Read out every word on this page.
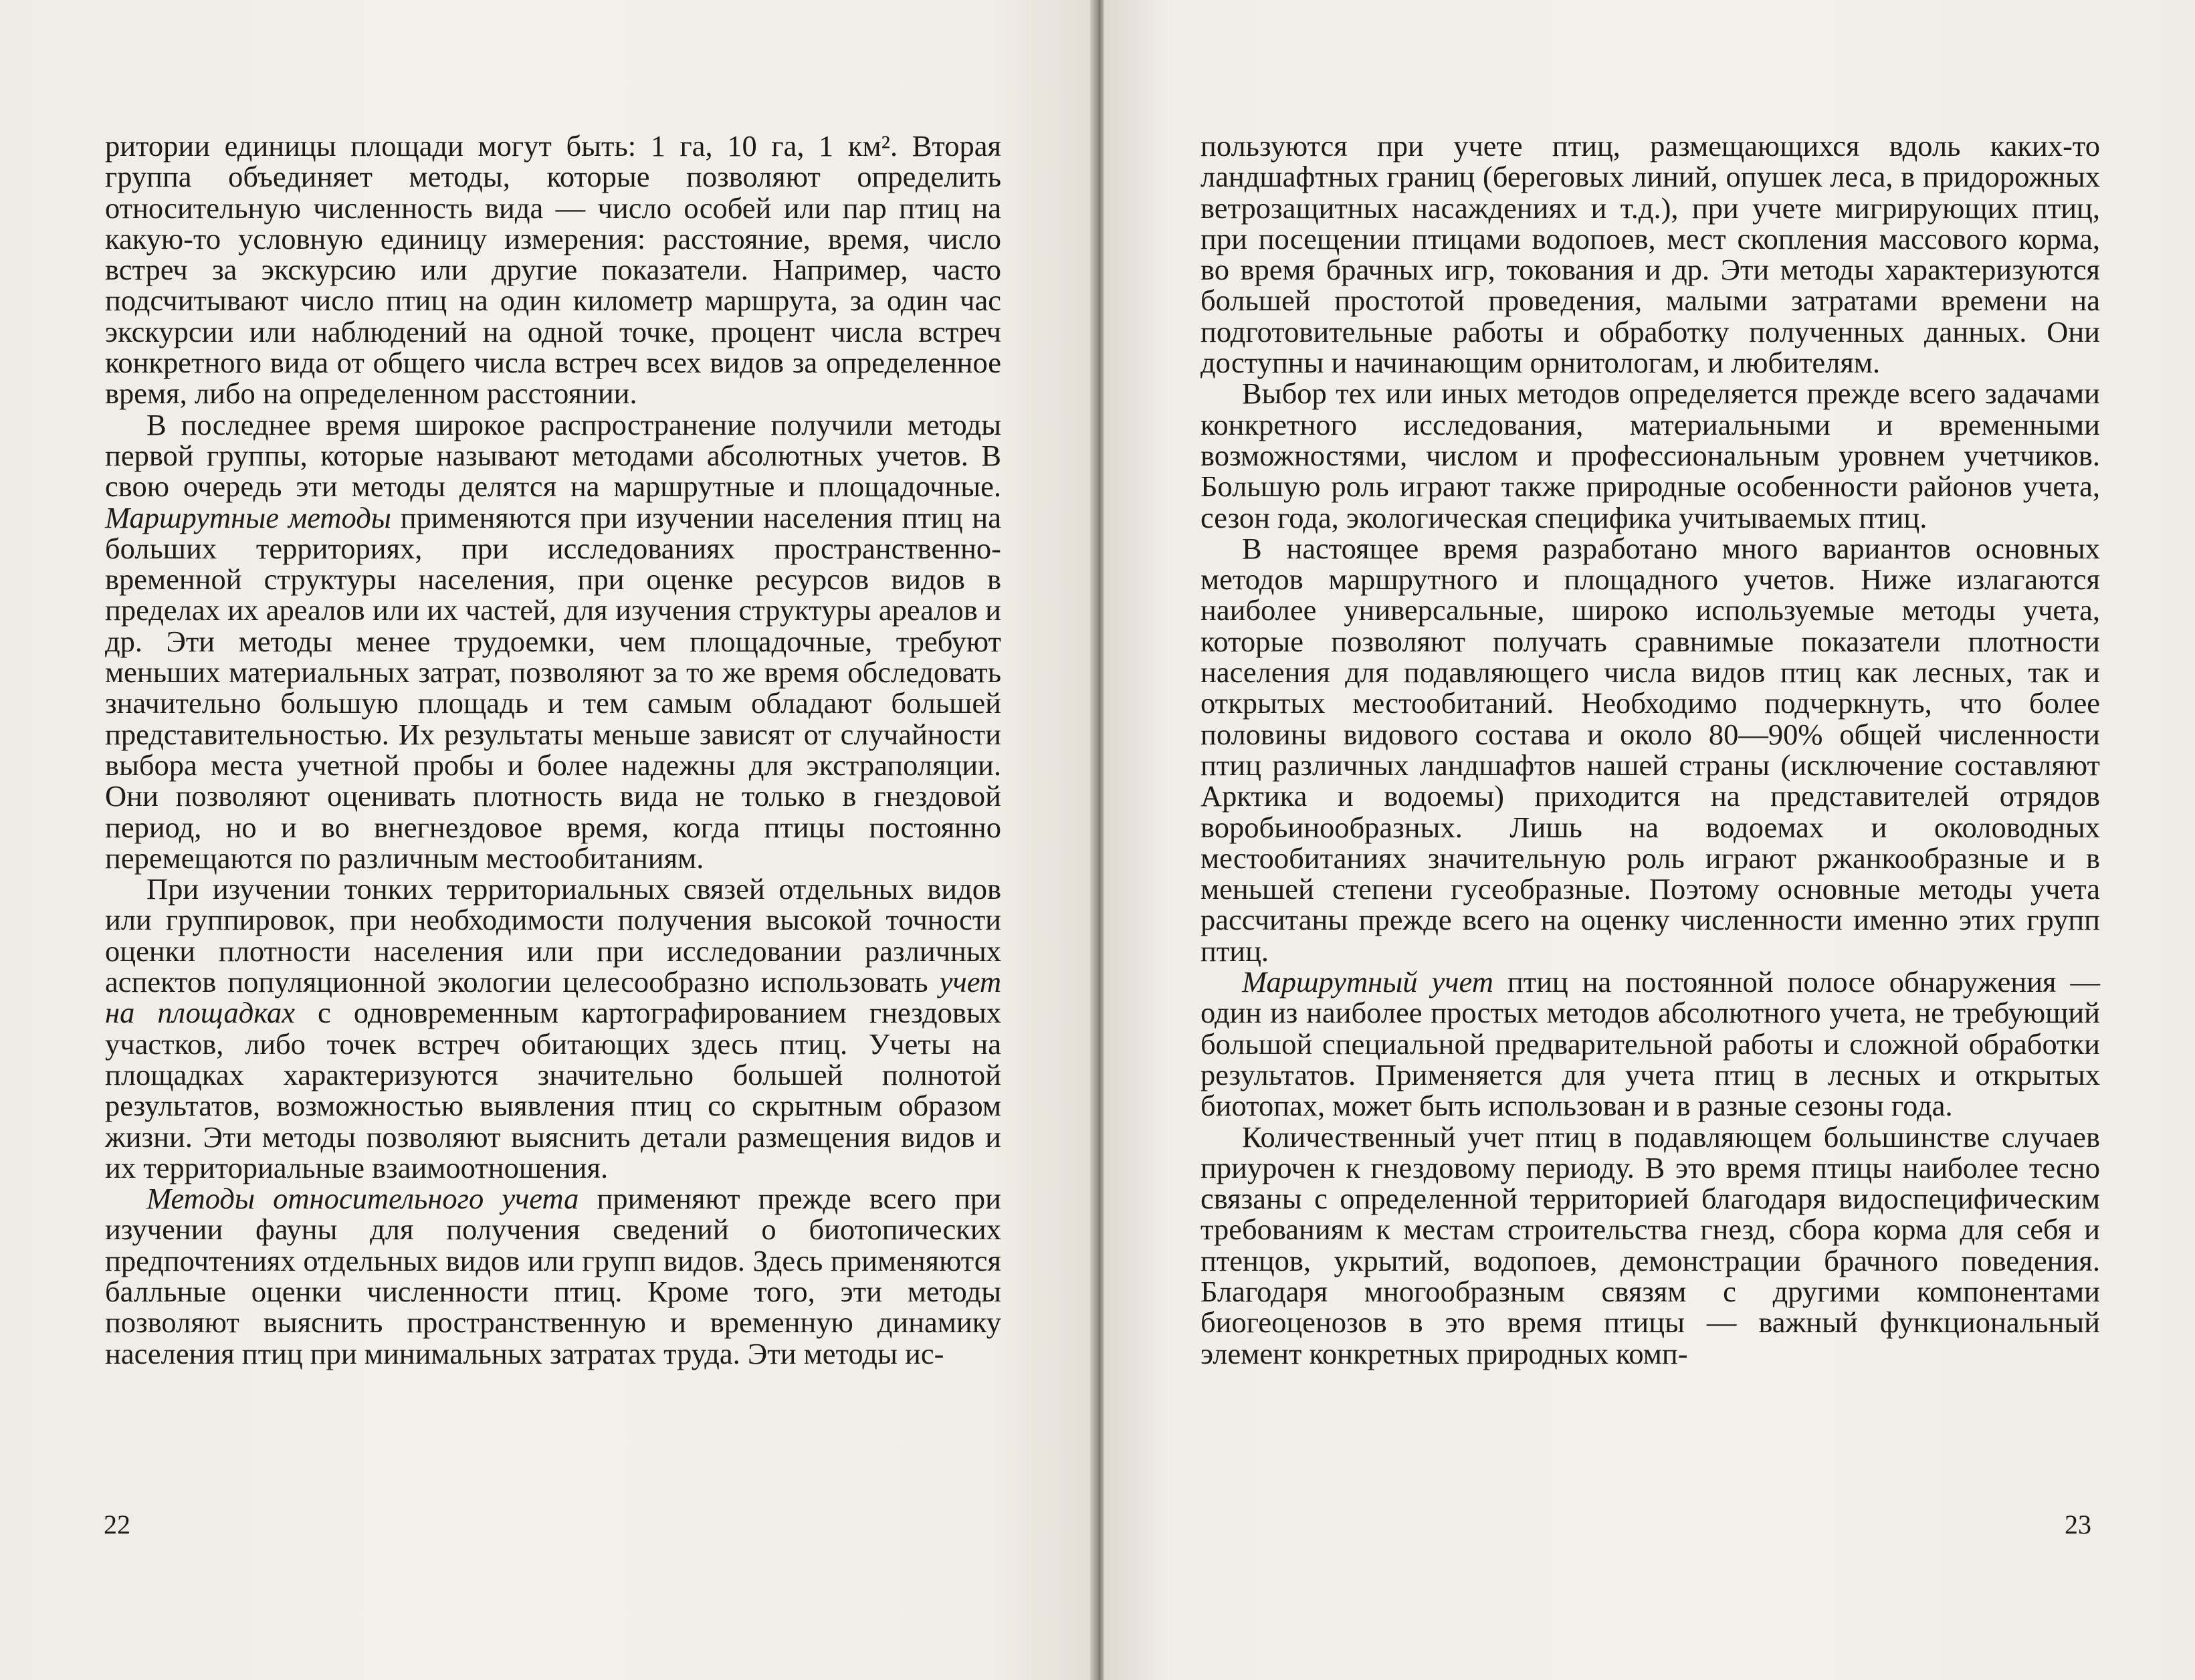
ритории единицы площади могут быть: 1 га, 10 га, 1 км². Вторая группа объединяет методы, которые позволяют определить относительную численность вида — число особей или пар птиц на какую-то условную единицу измерения: расстояние, время, число встреч за экскурсию или другие показатели. Например, часто подсчитывают число птиц на один километр маршрута, за один час экскурсии или наблюдений на одной точке, процент числа встреч конкретного вида от общего числа встреч всех видов за определенное время, либо на определенном расстоянии.

В последнее время широкое распространение получили методы первой группы, которые называют методами абсолютных учетов. В свою очередь эти методы делятся на маршрутные и площадочные. Маршрутные методы применяются при изучении населения птиц на больших территориях, при исследованиях пространственно-временной структуры населения, при оценке ресурсов видов в пределах их ареалов или их частей, для изучения структуры ареалов и др. Эти методы менее трудоемки, чем площадочные, требуют меньших материальных затрат, позволяют за то же время обследовать значительно большую площадь и тем самым обладают большей представительностью. Их результаты меньше зависят от случайности выбора места учетной пробы и более надежны для экстраполяции. Они позволяют оценивать плотность вида не только в гнездовой период, но и во внегнездовое время, когда птицы постоянно перемещаются по различным местообитаниям.

При изучении тонких территориальных связей отдельных видов или группировок, при необходимости получения высокой точности оценки плотности населения или при исследовании различных аспектов популяционной экологии целесообразно использовать учет на площадках с одновременным картографированием гнездовых участков, либо точек встреч обитающих здесь птиц. Учеты на площадках характеризуются значительно большей полнотой результатов, возможностью выявления птиц со скрытным образом жизни. Эти методы позволяют выяснить детали размещения видов и их территориальные взаимоотношения.

Методы относительного учета применяют прежде всего при изучении фауны для получения сведений о биотопических предпочтениях отдельных видов или групп видов. Здесь применяются балльные оценки численности птиц. Кроме того, эти методы позволяют выяснить пространственную и временную динамику населения птиц при минимальных затратах труда. Эти методы ис-

22

пользуются при учете птиц, размещающихся вдоль каких-то ландшафтных границ (береговых линий, опушек леса, в придорожных ветрозащитных насаждениях и т.д.), при учете мигрирующих птиц, при посещении птицами водопоев, мест скопления массового корма, во время брачных игр, токования и др. Эти методы характеризуются большей простотой проведения, малыми затратами времени на подготовительные работы и обработку полученных данных. Они доступны и начинающим орнитологам, и любителям.

Выбор тех или иных методов определяется прежде всего задачами конкретного исследования, материальными и временными возможностями, числом и профессиональным уровнем учетчиков. Большую роль играют также природные особенности районов учета, сезон года, экологическая специфика учитываемых птиц.

В настоящее время разработано много вариантов основных методов маршрутного и площадного учетов. Ниже излагаются наиболее универсальные, широко используемые методы учета, которые позволяют получать сравнимые показатели плотности населения для подавляющего числа видов птиц как лесных, так и открытых местообитаний. Необходимо подчеркнуть, что более половины видового состава и около 80—90% общей численности птиц различных ландшафтов нашей страны (исключение составляют Арктика и водоемы) приходится на представителей отрядов воробьинообразных. Лишь на водоемах и околоводных местообитаниях значительную роль играют ржанкообразные и в меньшей степени гусеобразные. Поэтому основные методы учета рассчитаны прежде всего на оценку численности именно этих групп птиц.

Маршрутный учет птиц на постоянной полосе обнаружения — один из наиболее простых методов абсолютного учета, не требующий большой специальной предварительной работы и сложной обработки результатов. Применяется для учета птиц в лесных и открытых биотопах, может быть использован и в разные сезоны года.

Количественный учет птиц в подавляющем большинстве случаев приурочен к гнездовому периоду. В это время птицы наиболее тесно связаны с определенной территорией благодаря видоспецифическим требованиям к местам строительства гнезд, сбора корма для себя и птенцов, укрытий, водопоев, демонстрации брачного поведения. Благодаря многообразным связям с другими компонентами биогеоценозов в это время птицы — важный функциональный элемент конкретных природных комп-

23
